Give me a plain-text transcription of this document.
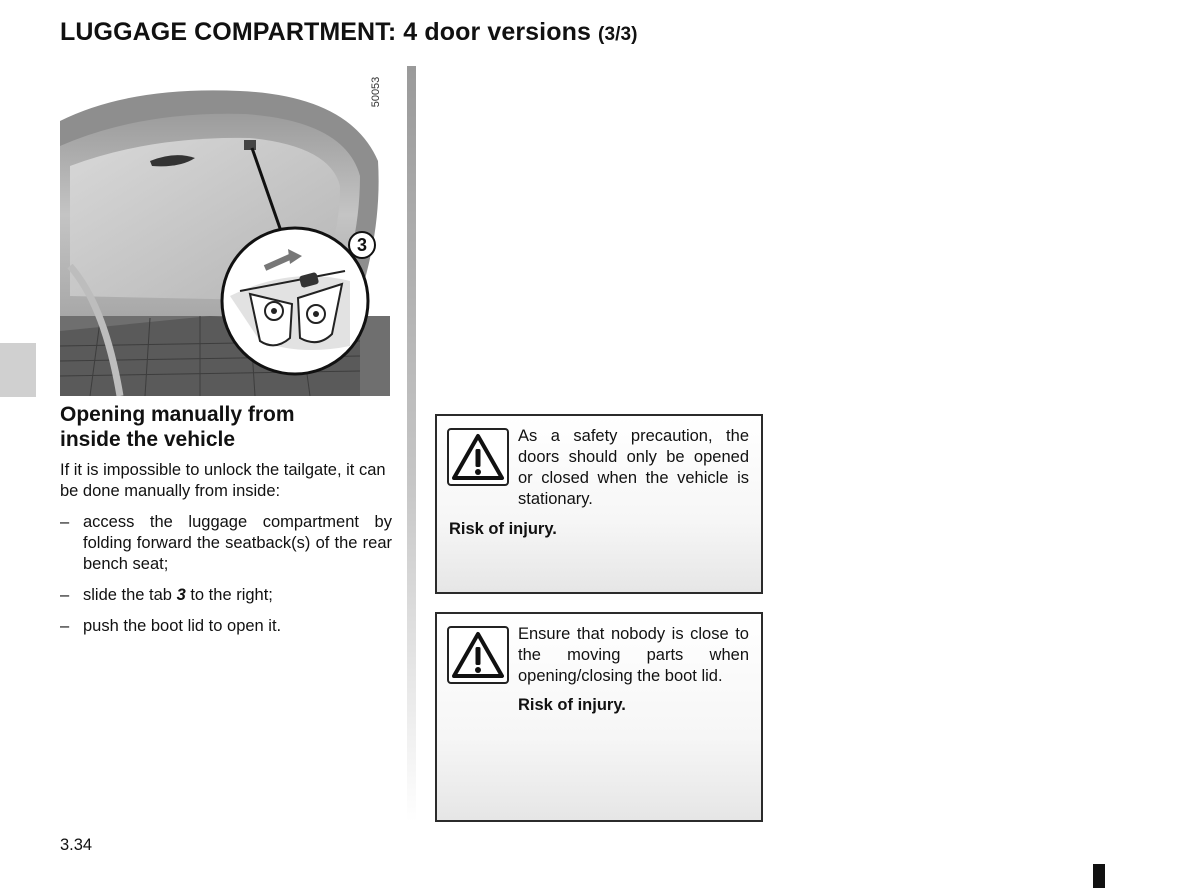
LUGGAGE COMPARTMENT: 4 door versions (3/3)
50053
3
Opening manually from
inside the vehicle
If it is impossible to unlock the tailgate, it can be done manually from inside:
– access the luggage compartment by folding forward the seatback(s) of the rear bench seat;
– slide the tab 3 to the right;
– push the boot lid to open it.
As a safety precaution, the doors should only be opened or closed when the vehicle is stationary.
Risk of injury.
Ensure that nobody is close to the moving parts when opening/closing the boot lid.
Risk of injury.
3.34
